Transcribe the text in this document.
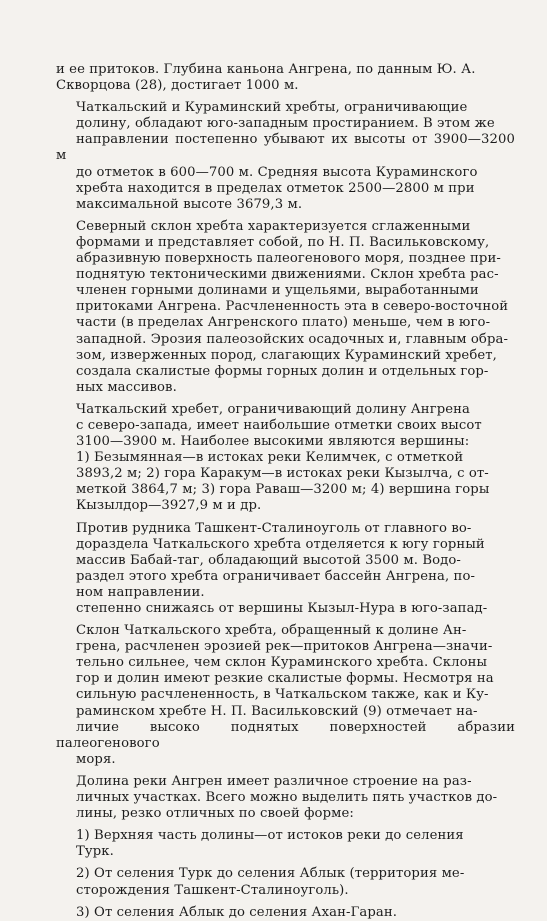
и ее притоков. Глубина каньона Ангрена, по данным Ю. А.
Скворцова (28), достигает 1000 м.

Чаткальский и Кураминский хребты, ограничивающие
долину, обладают юго-западным простиранием. В этом же
направлении постепенно убывают их высоты от 3900—3200 м
до отметок в 600—700 м. Средняя высота Кураминского
хребта находится в пределах отметок 2500—2800 м при
максимальной высоте 3679,3 м.

Северный склон хребта характеризуется сглаженными
формами и представляет собой, по Н. П. Васильковскому,
абразивную поверхность палеогенового моря, позднее при-
поднятую тектоническими движениями. Склон хребта рас-
членен горными долинами и ущельями, выработанными
притоками Ангрена. Расчлененность эта в северо-восточной
части (в пределах Ангренского плато) меньше, чем в юго-
западной. Эрозия палеозойских осадочных и, главным обра-
зом, изверженных пород, слагающих Кураминский хребет,
создала скалистые формы горных долин и отдельных гор-
ных массивов.

Чаткальский хребет, ограничивающий долину Ангрена
с северо-запада, имеет наибольшие отметки своих высот
3100—3900 м. Наиболее высокими являются вершины:
1) Безымянная—в истоках реки Келимчек, с отметкой
3893,2 м; 2) гора Каракум—в истоках реки Кызылча, с от-
меткой 3864,7 м; 3) гора Раваш—3200 м; 4) вершина горы
Кызылдор—3927,9 м и др.

Против рудника Ташкент-Сталиноуголь от главного во-
дораздела Чаткальского хребта отделяется к югу горный
массив Бабай-таг, обладающий высотой 3500 м. Водо-
раздел этого хребта ограничивает бассейн Ангрена, по-
ном направлении.
степенно снижаясь от вершины Кызыл-Нура в юго-запад-

Склон Чаткальского хребта, обращенный к долине Ан-
грена, расчленен эрозией рек—притоков Ангрена—значи-
тельно сильнее, чем склон Кураминского хребта. Склоны
гор и долин имеют резкие скалистые формы. Несмотря на
сильную расчлененность, в Чаткальском также, как и Ку-
раминском хребте Н. П. Васильковский (9) отмечает на-
личие высоко поднятых поверхностей абразии палеогенового
моря.

Долина реки Ангрен имеет различное строение на раз-
личных участках. Всего можно выделить пять участков до-
лины, резко отличных по своей форме:

1) Верхняя часть долины—от истоков реки до селения
Турк.

2) От селения Турк до селения Аблык (территория ме-
сторождения Ташкент-Сталиноуголь).

3) От селения Аблык до селения Ахан-Гаран.
